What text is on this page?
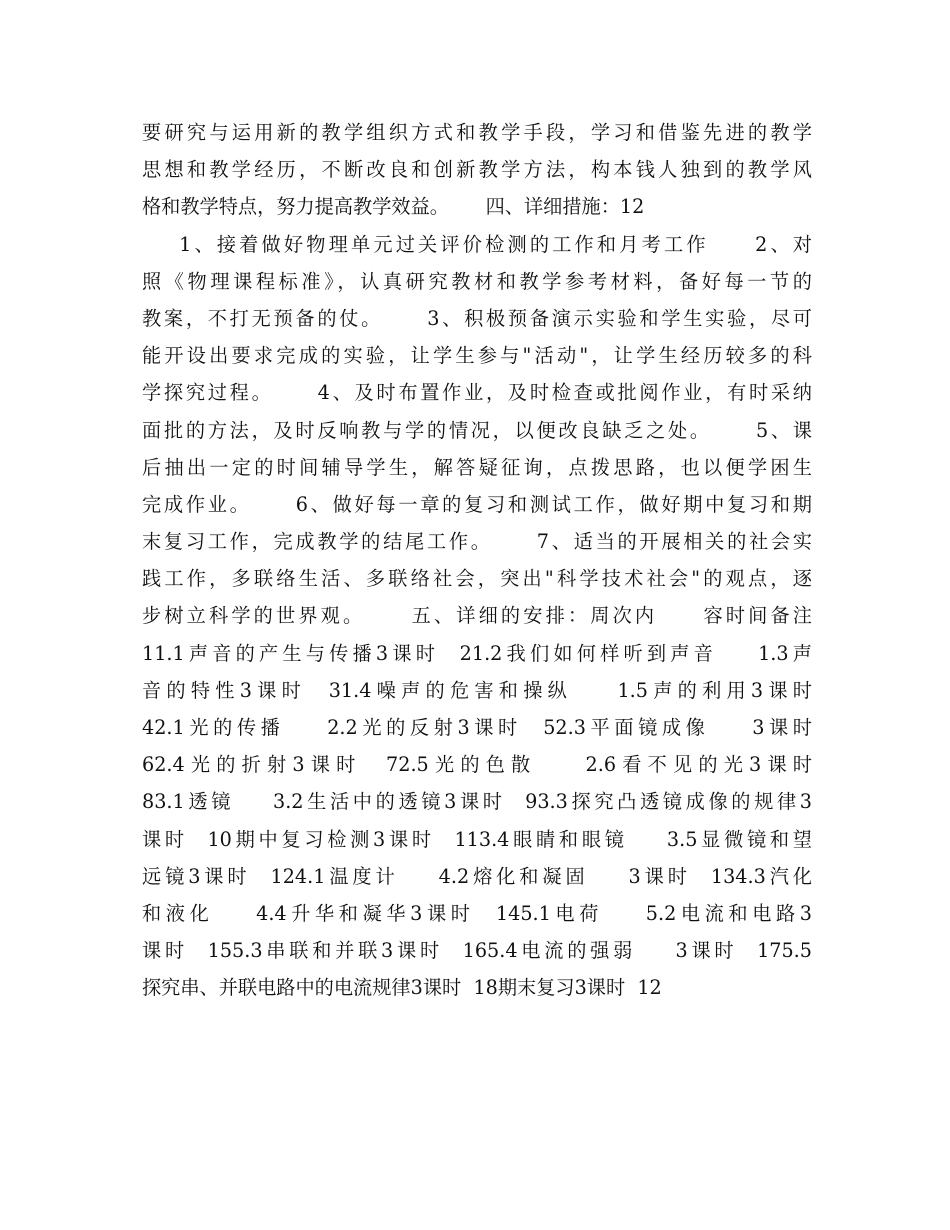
要研究与运用新的教学组织方式和教学手段，学习和借鉴先进的教学
思想和教学经历，不断改良和创新教学方法，构本钱人独到的教学风
格和教学特点，努力提高教学效益。      四、详细措施：12
1、接着做好物理单元过关评价检测的工作和月考工作     2、对
照《物理课程标准》，认真研究教材和教学参考材料，备好每一节的
教案，不打无预备的仗。     3、积极预备演示实验和学生实验，尽可
能开设出要求完成的实验，让学生参与"活动"，让学生经历较多的科
学探究过程。     4、及时布置作业，及时检查或批阅作业，有时采纳
面批的方法，及时反响教与学的情况，以便改良缺乏之处。     5、课
后抽出一定的时间辅导学生，解答疑征询，点拨思路，也以便学困生
完成作业。     6、做好每一章的复习和测试工作，做好期中复习和期
末复习工作，完成教学的结尾工作。     7、适当的开展相关的社会实
践工作，多联络生活、多联络社会，突出"科学技术社会"的观点，逐
步树立科学的世界观。     五、详细的安排：周次内     容时间备注
11.1声音的产生与传播3课时  21.2我们如何样听到声音    1.3声
音的特性3课时  31.4噪声的危害和操纵    1.5声的利用3课时
42.1光的传播    2.2光的反射3课时  52.3平面镜成像    3课时
62.4光的折射3课时  72.5光的色散    2.6看不见的光3课时
83.1透镜    3.2生活中的透镜3课时  93.3探究凸透镜成像的规律3
课时  10期中复习检测3课时  113.4眼睛和眼镜    3.5显微镜和望
远镜3课时  124.1温度计    4.2熔化和凝固    3课时  134.3汽化
和液化    4.4升华和凝华3课时  145.1电荷    5.2电流和电路3
课时  155.3串联和并联3课时  165.4电流的强弱    3课时  175.5
探究串、并联电路中的电流规律3课时  18期末复习3课时  12
